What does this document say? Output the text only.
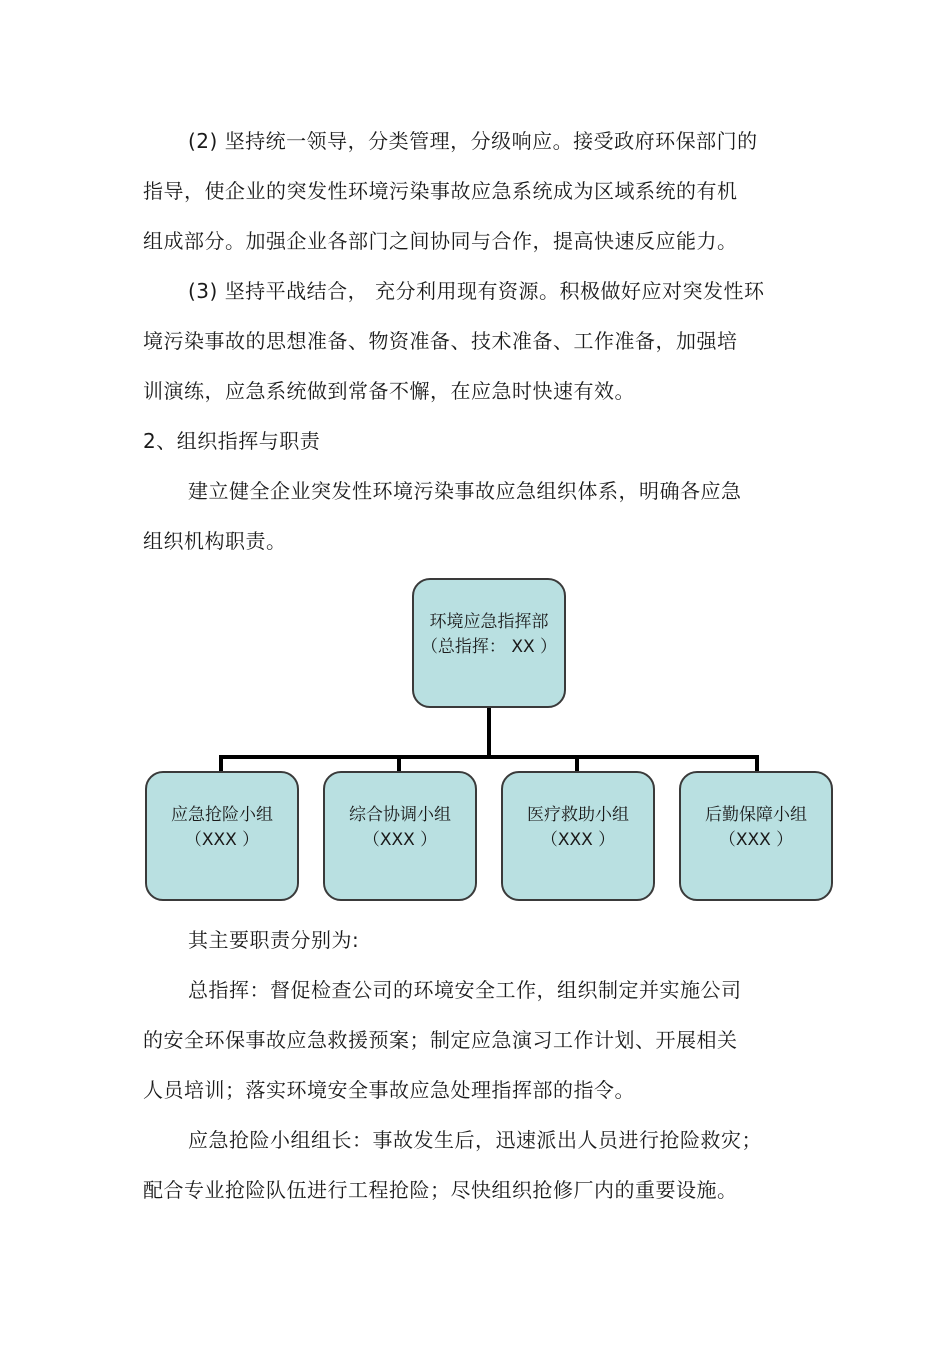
(2) 坚持统一领导，分类管理，分级响应。接受政府环保部门的
指导，使企业的突发性环境污染事故应急系统成为区域系统的有机
组成部分。加强企业各部门之间协同与合作，提高快速反应能力。
(3) 坚持平战结合， 充分利用现有资源。积极做好应对突发性环
境污染事故的思想准备、物资准备、技术准备、工作准备，加强培
训演练，应急系统做到常备不懈，在应急时快速有效。
2、组织指挥与职责
建立健全企业突发性环境污染事故应急组织体系，明确各应急
组织机构职责。
环境应急指挥部
（总指挥： XX ）
应急抢险小组
（XXX ）
综合协调小组
（XXX ）
医疗救助小组
（XXX ）
后勤保障小组
（XXX ）
其主要职责分别为:
总指挥：督促检查公司的环境安全工作，组织制定并实施公司
的安全环保事故应急救援预案；制定应急演习工作计划、开展相关
人员培训；落实环境安全事故应急处理指挥部的指令。
应急抢险小组组长：事故发生后，迅速派出人员进行抢险救灾；
配合专业抢险队伍进行工程抢险；尽快组织抢修厂内的重要设施。
